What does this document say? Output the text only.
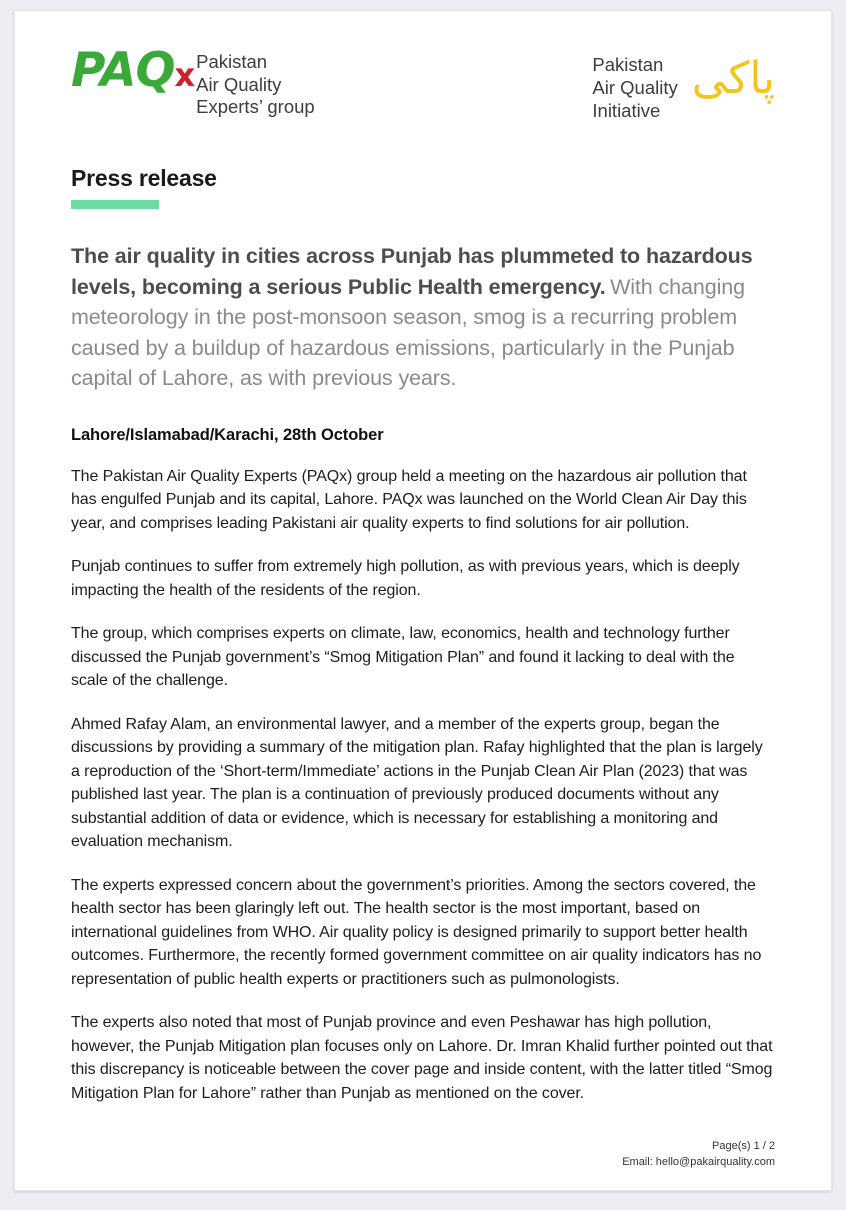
PAQx Pakistan
Air Quality
Experts’ group
Pakistan
Air Quality
Initiative
پاکی
Press release
The air quality in cities across Punjab has plummeted to hazardous levels, becoming a serious Public Health emergency. With changing meteorology in the post-monsoon season, smog is a recurring problem caused by a buildup of hazardous emissions, particularly in the Punjab capital of Lahore, as with previous years.
Lahore/Islamabad/Karachi, 28th October

The Pakistan Air Quality Experts (PAQx) group held a meeting on the hazardous air pollution that has engulfed Punjab and its capital, Lahore. PAQx was launched on the World Clean Air Day this year, and comprises leading Pakistani air quality experts to find solutions for air pollution.

Punjab continues to suffer from extremely high pollution, as with previous years, which is deeply impacting the health of the residents of the region.

The group, which comprises experts on climate, law, economics, health and technology further discussed the Punjab government’s “Smog Mitigation Plan” and found it lacking to deal with the scale of the challenge.

Ahmed Rafay Alam, an environmental lawyer, and a member of the experts group, began the discussions by providing a summary of the mitigation plan. Rafay highlighted that the plan is largely a reproduction of the ‘Short-term/Immediate’ actions in the Punjab Clean Air Plan (2023) that was published last year. The plan is a continuation of previously produced documents without any substantial addition of data or evidence, which is necessary for establishing a monitoring and evaluation mechanism.

The experts expressed concern about the government’s priorities. Among the sectors covered, the health sector has been glaringly left out. The health sector is the most important, based on international guidelines from WHO. Air quality policy is designed primarily to support better health outcomes. Furthermore, the recently formed government committee on air quality indicators has no representation of public health experts or practitioners such as pulmonologists.

The experts also noted that most of Punjab province and even Peshawar has high pollution, however, the Punjab Mitigation plan focuses only on Lahore. Dr. Imran Khalid further pointed out that this discrepancy is noticeable between the cover page and inside content, with the latter titled “Smog Mitigation Plan for Lahore” rather than Punjab as mentioned on the cover.

Page(s) 1 / 2
Email: hello@pakairquality.com
